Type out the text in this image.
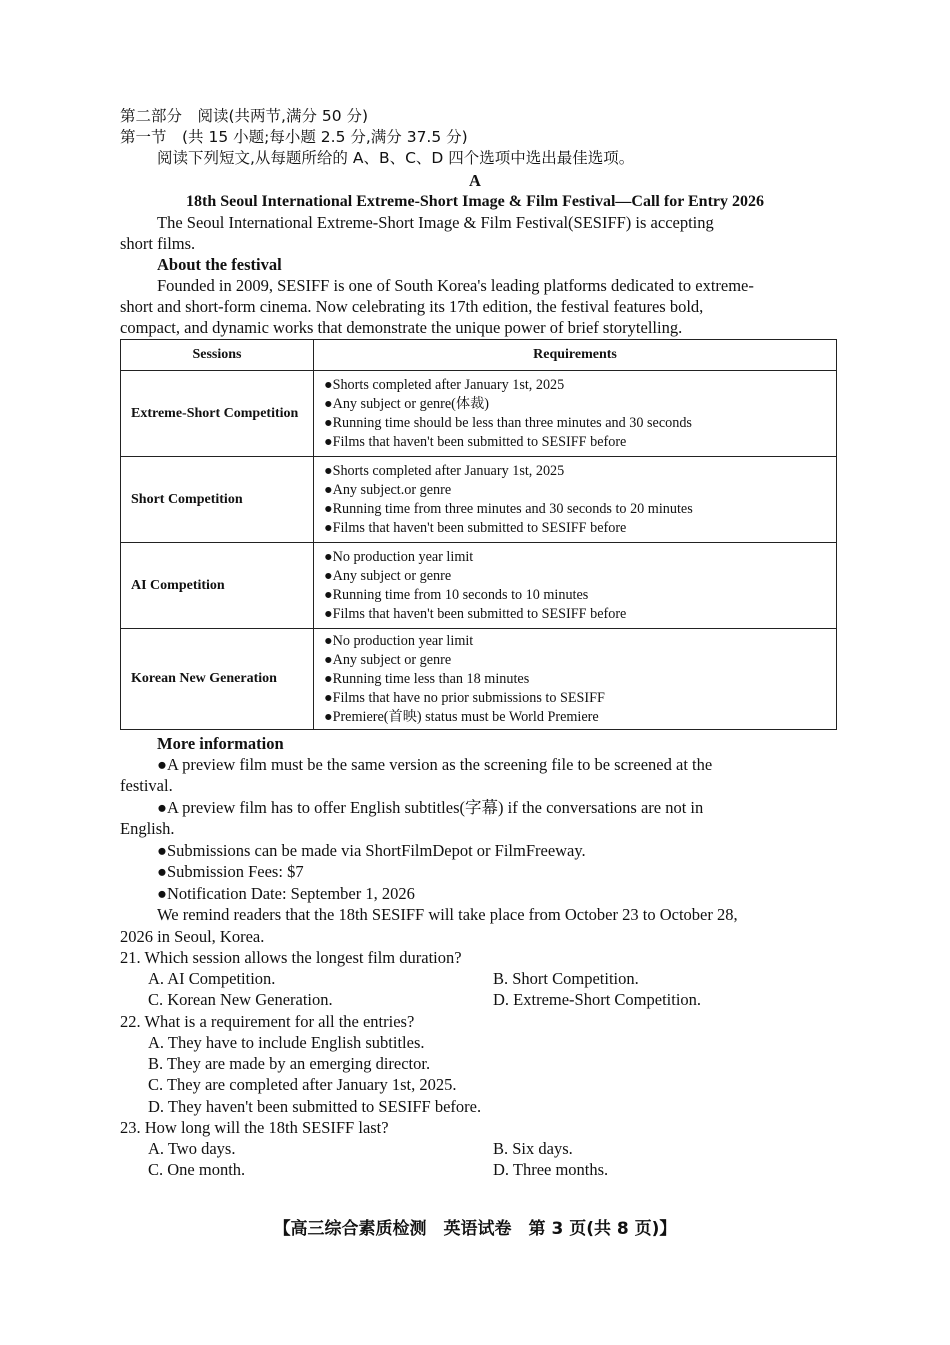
第二部分　阅读(共两节,满分 50 分)
第一节　(共 15 小题;每小题 2.5 分,满分 37.5 分)
阅读下列短文,从每题所给的 A、B、C、D 四个选项中选出最佳选项。
A
18th Seoul International Extreme-Short Image & Film Festival—Call for Entry 2026
The Seoul International Extreme-Short Image & Film Festival(SESIFF) is accepting
short films.
About the festival
Founded in 2009, SESIFF is one of South Korea's leading platforms dedicated to extreme-
short and short-form cinema. Now celebrating its 17th edition, the festival features bold,
compact, and dynamic works that demonstrate the unique power of brief storytelling.
Sessions	Requirements
Extreme-Short Competition	●Shorts completed after January 1st, 2025
●Any subject or genre(体裁)
●Running time should be less than three minutes and 30 seconds
●Films that haven't been submitted to SESIFF before

Short Competition	●Shorts completed after January 1st, 2025
●Any subject.or genre
●Running time from three minutes and 30 seconds to 20 minutes
●Films that haven't been submitted to SESIFF before

AI Competition	●No production year limit
●Any subject or genre
●Running time from 10 seconds to 10 minutes
●Films that haven't been submitted to SESIFF before

Korean New Generation	●No production year limit
●Any subject or genre
●Running time less than 18 minutes
●Films that have no prior submissions to SESIFF
●Premiere(首映) status must be World Premiere
More information
●A preview film must be the same version as the screening file to be screened at the
festival.
●A preview film has to offer English subtitles(字幕) if the conversations are not in
English.
●Submissions can be made via ShortFilmDepot or FilmFreeway.
●Submission Fees: $7
●Notification Date: September 1, 2026
We remind readers that the 18th SESIFF will take place from October 23 to October 28,
2026 in Seoul, Korea.
21. Which session allows the longest film duration?
A. AI Competition.	B. Short Competition.
C. Korean New Generation.	D. Extreme-Short Competition.
22. What is a requirement for all the entries?
A. They have to include English subtitles.
B. They are made by an emerging director.
C. They are completed after January 1st, 2025.
D. They haven't been submitted to SESIFF before.
23. How long will the 18th SESIFF last?
A. Two days.	B. Six days.
C. One month.	D. Three months.
【高三综合素质检测　英语试卷　第 3 页(共 8 页)】
